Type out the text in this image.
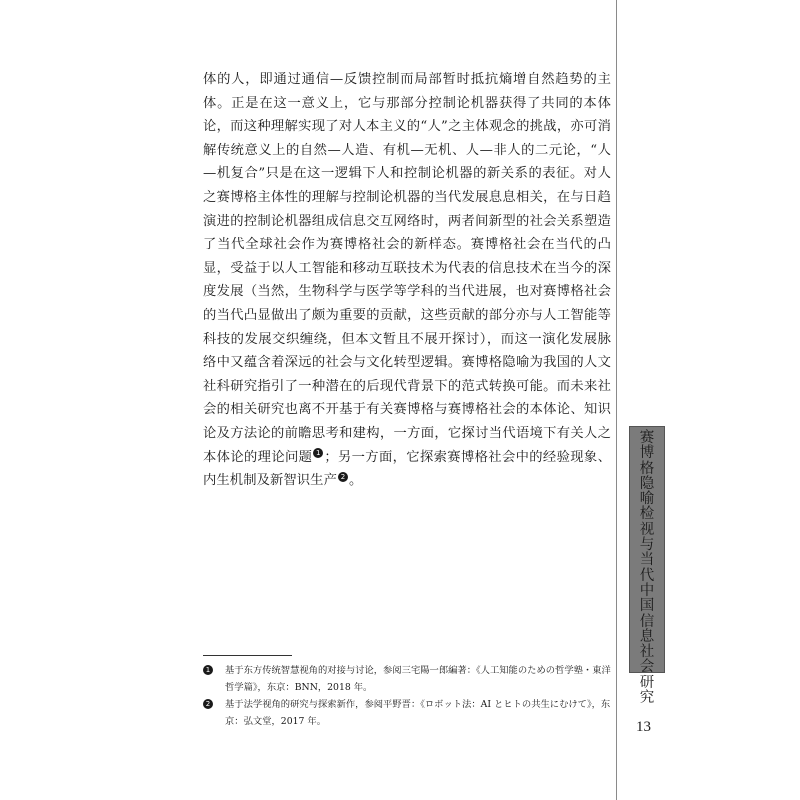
体的人，即通过通信—反馈控制而局部暂时抵抗熵增自然趋势的主体。正是在这一意义上，它与那部分控制论机器获得了共同的本体论，而这种理解实现了对人本主义的“人”之主体观念的挑战，亦可消解传统意义上的自然—人造、有机—无机、人—非人的二元论，“人—机复合”只是在这一逻辑下人和控制论机器的新关系的表征。对人之赛博格主体性的理解与控制论机器的当代发展息息相关，在与日趋演进的控制论机器组成信息交互网络时，两者间新型的社会关系塑造了当代全球社会作为赛博格社会的新样态。赛博格社会在当代的凸显，受益于以人工智能和移动互联技术为代表的信息技术在当今的深度发展（当然，生物科学与医学等学科的当代进展，也对赛博格社会的当代凸显做出了颇为重要的贡献，这些贡献的部分亦与人工智能等科技的发展交织缠绕，但本文暂且不展开探讨），而这一演化发展脉络中又蕴含着深远的社会与文化转型逻辑。赛博格隐喻为我国的人文社科研究指引了一种潜在的后现代背景下的范式转换可能。而未来社会的相关研究也离不开基于有关赛博格与赛博格社会的本体论、知识论及方法论的前瞻思考和建构，一方面，它探讨当代语境下有关人之本体论的理论问题 1 ；另一方面，它探索赛博格社会中的经验现象、内生机制及新智识生产 2 。

赛
博
格
隐
喻
检
视
与
当
代
中
国
信
息
社
会
研
究

1 基于东方传统智慧视角的对接与讨论，参阅三宅陽一郎編著：《人工知能のための哲学塾・東洋哲学篇》，东京：BNN，2018 年。

2 基于法学视角的研究与探索新作，参阅平野晋：《ロボット法：AI とヒトの共生にむけて》，东京：弘文堂，2017 年。	13
